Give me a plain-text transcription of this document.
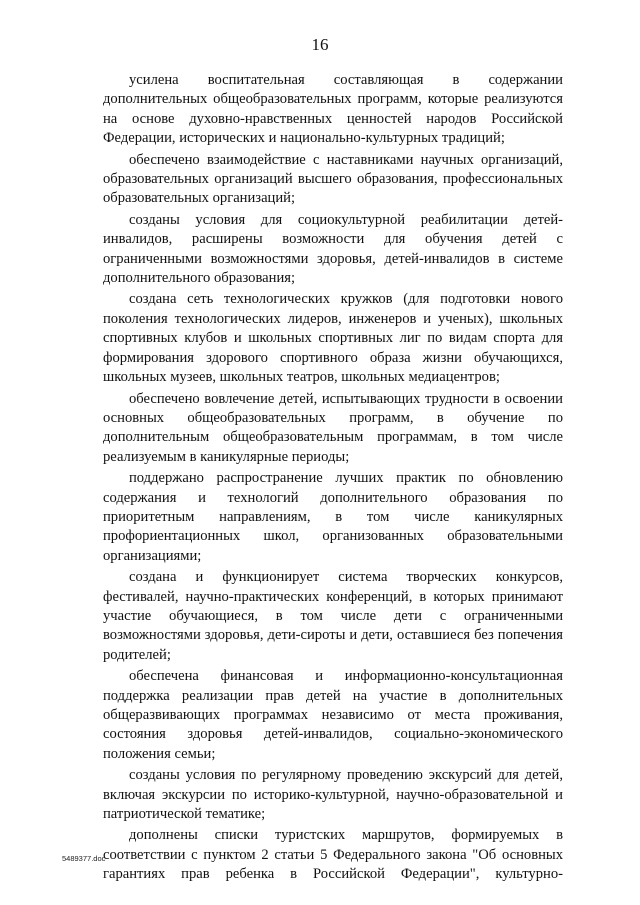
16

усилена воспитательная составляющая в содержании дополнительных общеобразовательных программ, которые реализуются на основе духовно-нравственных ценностей народов Российской Федерации, исторических и национально-культурных традиций;

обеспечено взаимодействие с наставниками научных организаций, образовательных организаций высшего образования, профессиональных образовательных организаций;

созданы условия для социокультурной реабилитации детей-инвалидов, расширены возможности для обучения детей с ограниченными возможностями здоровья, детей-инвалидов в системе дополнительного образования;

создана сеть технологических кружков (для подготовки нового поколения технологических лидеров, инженеров и ученых), школьных спортивных клубов и школьных спортивных лиг по видам спорта для формирования здорового спортивного образа жизни обучающихся, школьных музеев, школьных театров, школьных медиацентров;

обеспечено вовлечение детей, испытывающих трудности в освоении основных общеобразовательных программ, в обучение по дополнительным общеобразовательным программам, в том числе реализуемым в каникулярные периоды;

поддержано распространение лучших практик по обновлению содержания и технологий дополнительного образования по приоритетным направлениям, в том числе каникулярных профориентационных школ, организованных образовательными организациями;

создана и функционирует система творческих конкурсов, фестивалей, научно-практических конференций, в которых принимают участие обучающиеся, в том числе дети с ограниченными возможностями здоровья, дети-сироты и дети, оставшиеся без попечения родителей;

обеспечена финансовая и информационно-консультационная поддержка реализации прав детей на участие в дополнительных общеразвивающих программах независимо от места проживания, состояния здоровья детей-инвалидов, социально-экономического положения семьи;

созданы условия по регулярному проведению экскурсий для детей, включая экскурсии по историко-культурной, научно-образовательной и патриотической тематике;

дополнены списки туристских маршрутов, формируемых в соответствии с пунктом 2 статьи 5 Федерального закона "Об основных гарантиях прав ребенка в Российской Федерации", культурно-

5489377.doc
